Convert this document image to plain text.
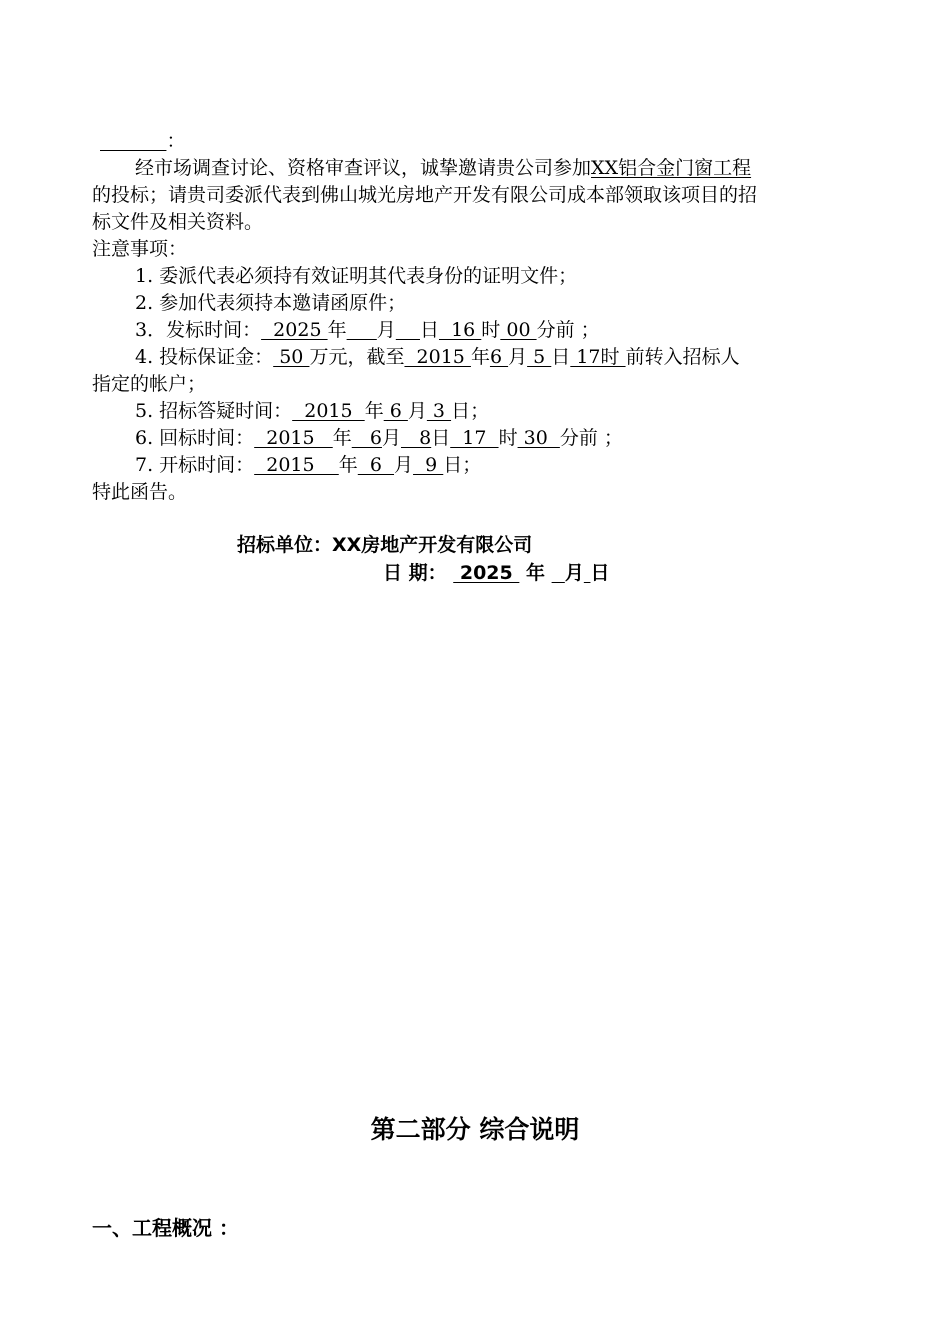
：
经市场调查讨论、资格审查评议，诚挚邀请贵公司参加XX铝合金门窗工程
的投标；请贵司委派代表到佛山城光房地产开发有限公司成本部领取该项目的招
标文件及相关资料。
注意事项：
1. 委派代表必须持有效证明其代表身份的证明文件；
2. 参加代表须持本邀请函原件；
3．发标时间：  2025 年 月 日  16 时 00 分前 ；
4. 投标保证金： 50 万元，截至  2015 年6 月 5 日 17时 前转入招标人
指定的帐户；
5. 招标答疑时间：  2015  年 6 月 3 日；
6. 回标时间：  2015   年   6月   8日  17  时 30  分前 ；
7. 开标时间：  2015    年  6  月  9 日；
特此函告。
招标单位：XX房地产开发有限公司
日 期：  2025  年   月 日
第二部分 综合说明
一、工程概况 ：
